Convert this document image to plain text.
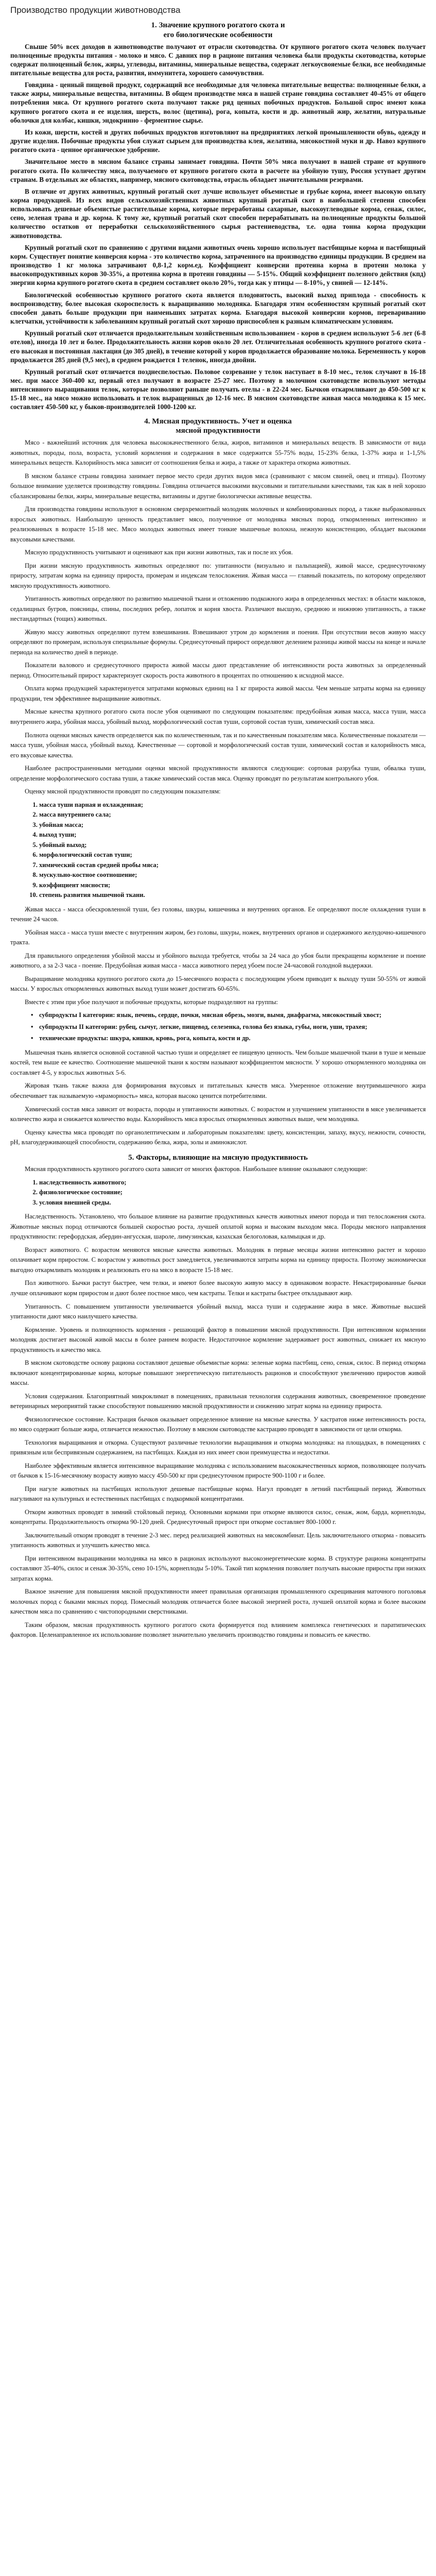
Производство продукции животноводства
1. Значение крупного рогатого скота и
его биологические особенности

Свыше 50% всех доходов в животноводстве получают от отрасли скотоводства. От крупного рогатого скота человек получает полноценные продукты питания - молоко и мясо. С давних пор в рационе питания человека были продукты скотоводства, которые содержат полноценный белок, жиры, углеводы, витамины, минеральные вещества, содержат легкоусвояемые белки, все необходимые питательные вещества для роста, развития, иммунитета, хорошего самочувствия.

Говядина - ценный пищевой продукт, содержащий все необходимые для человека питательные вещества: полноценные белки, а также жиры, минеральные вещества, витамины. В общем производстве мяса в нашей стране говядина составляет 40-45% от общего потребления мяса. От крупного рогатого скота получают также ряд ценных побочных продуктов. Большой спрос имеют кожа крупного рогатого скота и ее изделия, шерсть, волос (щетина), рога, копыта, кости и др. животный жир, желатин, натуральные оболочки для колбас, кишки, эндокринно - ферментное сырье.

Из кожи, шерсти, костей и других побочных продуктов изготовляют на предприятиях легкой промышленности обувь, одежду и другие изделия. Побочные продукты убоя служат сырьем для производства клея, желатина, мясокостной муки и др. Навоз крупного рогатого скота - ценное органическое удобрение.

Значительное место в мясном балансе страны занимает говядина. Почти 50% мяса получают в нашей стране от крупного рогатого скота. По количеству мяса, получаемого от крупного рогатого скота в расчете на убойную тушу, Россия уступает другим странам. В отдельных же областях, например, мясного скотоводства, отрасль обладает значительными резервами.

В отличие от других животных, крупный рогатый скот лучше использует объемистые и грубые корма, имеет высокую оплату корма продукцией. Из всех видов сельскохозяйственных животных крупный рогатый скот в наибольшей степени способен использовать дешевые объемистые растительные корма, которые переработаны сахарные, высокоуглеводные корма, сенаж, силос, сено, зеленая трава и др. корма. К тому же, крупный рогатый скот способен перерабатывать на полноценные продукты большой количество остатков от переработки сельскохозяйственного сырья растениеводства, т.е. одна тонна корма продукции животноводства.

Крупный рогатый скот по сравнению с другими видами животных очень хорошо использует пастбищные корма и пастбищный корм. Существует понятие конверсия корма - это количество корма, затраченного на производство единицы продукции. В среднем на производство 1 кг молока затрачивают 0,8-1,2 корм.ед. Коэффициент конверсии протеина корма в протеин молока у высокопродуктивных коров 30-35%, а протеина корма в протеин говядины — 5-15%. Общий коэффициент полезного действия (кпд) энергии корма крупного рогатого скота в среднем составляет около 20%, тогда как у птицы — 8-10%, у свиней — 12-14%.

Биологической особенностью крупного рогатого скота является плодовитость, высокий выход приплода - способность к воспроизводству, более высокая скороспелость к выращиванию молодняка. Благодаря этим особенностям крупный рогатый скот способен давать больше продукции при наименьших затратах корма. Благодаря высокой конверсии кормов, перевариванию клетчатки, устойчивости к заболеваниям крупный рогатый скот хорошо приспособлен к разным климатическим условиям.

Крупный рогатый скот отличается продолжительным хозяйственным использованием - коров в среднем используют 5-6 лет (6-8 отелов), иногда 10 лет и более. Продолжительность жизни коров около 20 лет. Отличительная особенность крупного рогатого скота - его высокая и постоянная лактация (до 305 дней), в течение которой у коров продолжается образование молока. Беременность у коров продолжается 285 дней (9,5 мес), в среднем рождается 1 теленок, иногда двойни.

Крупный рогатый скот отличается позднеспелостью. Половое созревание у телок наступает в 8-10 мес., телок случают в 16-18 мес. при массе 360-400 кг, первый отел получают в возрасте 25-27 мес. Поэтому в молочном скотоводстве используют методы интенсивного выращивания телок, которые позволяют раньше получать отелы - в 22-24 мес. Бычков откармливают до 450-500 кг к 15-18 мес., на мясо можно использовать и телок выращенных до 12-16 мес. В мясном скотоводстве живая масса молодняка к 15 мес. составляет 450-500 кг, у быков-производителей 1000-1200 кг.

4. Мясная продуктивность. Учет и оценка
мясной продуктивности

Мясо - важнейший источник для человека высококачественного белка, жиров, витаминов и минеральных веществ. В зависимости от вида животных, породы, пола, возраста, условий кормления и содержания в мясе содержится 55-75% воды, 15-23% белка, 1-37% жира и 1-1,5% минеральных веществ. Калорийность мяса зависит от соотношения белка и жира, а также от характера откорма животных.

В мясном балансе страны говядина занимает первое место среди других видов мяса (сравнивают с мясом свиней, овец и птицы). Поэтому большое внимание уделяется производству говядины. Говядина отличается высокими вкусовыми и питательными качествами, так как в ней хорошо сбалансированы белки, жиры, минеральные вещества, витамины и другие биологически активные вещества.

Для производства говядины используют в основном сверхремонтный молодняк молочных и комбинированных пород, а также выбракованных взрослых животных. Наибольшую ценность представляет мясо, полученное от молодняка мясных пород, откормленных интенсивно и реализованных в возрасте 15-18 мес. Мясо молодых животных имеет тонкие мышечные волокна, нежную консистенцию, обладает высокими вкусовыми качествами.

Мясную продуктивность учитывают и оценивают как при жизни животных, так и после их убоя.

При жизни мясную продуктивность животных определяют по: упитанности (визуально и пальпацией), живой массе, среднесуточному приросту, затратам корма на единицу прироста, промерам и индексам телосложения. Живая масса — главный показатель, по которому определяют мясную продуктивность животного.

Упитанность животных определяют по развитию мышечной ткани и отложению подкожного жира в определенных местах: в области маклоков, седалищных бугров, поясницы, спины, последних ребер, лопаток и корня хвоста. Различают высшую, среднюю и нижнюю упитанность, а также нестандартных (тощих) животных.

Живую массу животных определяют путем взвешивания. Взвешивают утром до кормления и поения. При отсутствии весов живую массу определяют по промерам, используя специальные формулы. Среднесуточный прирост определяют делением разницы живой массы на конце и начале периода на количество дней в периоде.

Показатели валового и среднесуточного прироста живой массы дают представление об интенсивности роста животных за определенный период. Относительный прирост характеризует скорость роста животного в процентах по отношению к исходной массе.

Оплата корма продукцией характеризуется затратами кормовых единиц на 1 кг прироста живой массы. Чем меньше затраты корма на единицу продукции, тем эффективнее выращивание животных.

Мясные качества крупного рогатого скота после убоя оценивают по следующим показателям: предубойная живая масса, масса туши, масса внутреннего жира, убойная масса, убойный выход, морфологический состав туши, сортовой состав туши, химический состав мяса.

Полнота оценки мясных качеств определяется как по количественным, так и по качественным показателям мяса. Количественные показатели — масса туши, убойная масса, убойный выход. Качественные — сортовой и морфологический состав туши, химический состав и калорийность мяса, его вкусовые качества.

Наиболее распространенными методами оценки мясной продуктивности являются следующие: сортовая разрубка туши, обвалка туши, определение морфологического состава туши, а также химический состав мяса. Оценку проводят по результатам контрольного убоя.

Оценку мясной продуктивности проводят по следующим показателям:

1. масса туши парная и охлажденная;
2. масса внутреннего сала;
3. убойная масса;
4. выход туши;
5. убойный выход;
6. морфологический состав туши;
7. химический состав средней пробы мяса;
8. мускульно-костное соотношение;
9. коэффициент мясности;
10. степень развития мышечной ткани.

Живая масса - масса обескровленной туши, без головы, шкуры, кишечника и внутренних органов. Ее определяют после охлаждения туши в течение 24 часов.

Убойная масса - масса туши вместе с внутренним жиром, без головы, шкуры, ножек, внутренних органов и содержимого желудочно-кишечного тракта.

Для правильного определения убойной массы и убойного выхода требуется, чтобы за 24 часа до убоя были прекращены кормление и поение животного, а за 2-3 часа - поение. Предубойная живая масса - масса животного перед убоем после 24-часовой голодной выдержки.

Выращивание молодняка крупного рогатого скота до 15-месячного возраста с последующим убоем приводит к выходу туши 50-55% от живой массы. У взрослых откормленных животных выход туши может достигать 60-65%.

Вместе с этим при убое получают и побочные продукты, которые подразделяют на группы:

• субпродукты I категории: язык, печень, сердце, почки, мясная обрезь, мозги, вымя, диафрагма, мясокостный хвост;
• субпродукты II категории: рубец, сычуг, легкие, пищевод, селезенка, голова без языка, губы, ноги, уши, трахея;
• технические продукты: шкура, кишки, кровь, рога, копыта, кости и др.

Мышечная ткань является основной составной частью туши и определяет ее пищевую ценность. Чем больше мышечной ткани в туше и меньше костей, тем выше ее качество. Соотношение мышечной ткани к костям называют коэффициентом мясности. У хорошо откормленного молодняка он составляет 4-5, у взрослых животных 5-6.

Жировая ткань также важна для формирования вкусовых и питательных качеств мяса. Умеренное отложение внутримышечного жира обеспечивает так называемую «мраморность» мяса, которая высоко ценится потребителями.

Химический состав мяса зависит от возраста, породы и упитанности животных. С возрастом и улучшением упитанности в мясе увеличивается количество жира и снижается количество воды. Калорийность мяса взрослых откормленных животных выше, чем молодняка.

Оценку качества мяса проводят по органолептическим и лабораторным показателям: цвету, консистенции, запаху, вкусу, нежности, сочности, pH, влагоудерживающей способности, содержанию белка, жира, золы и аминокислот.

5. Факторы, влияющие на мясную продуктивность

Мясная продуктивность крупного рогатого скота зависит от многих факторов. Наибольшее влияние оказывают следующие:

1. наследственность животного;
2. физиологическое состояние;
3. условия внешней среды.

Наследственность. Установлено, что большое влияние на развитие продуктивных качеств животных имеют порода и тип телосложения скота. Животные мясных пород отличаются большей скоростью роста, лучшей оплатой корма и высоким выходом мяса. Породы мясного направления продуктивности: герефордская, абердин-ангусская, шароле, лимузинская, казахская белоголовая, калмыцкая и др.

Возраст животного. С возрастом меняются мясные качества животных. Молодняк в первые месяцы жизни интенсивно растет и хорошо оплачивает корм приростом. С возрастом у животных рост замедляется, увеличиваются затраты корма на единицу прироста. Поэтому экономически выгодно откармливать молодняк и реализовать его на мясо в возрасте 15-18 мес.

Пол животного. Бычки растут быстрее, чем телки, и имеют более высокую живую массу в одинаковом возрасте. Некастрированные бычки лучше оплачивают корм приростом и дают более постное мясо, чем кастраты. Телки и кастраты быстрее откладывают жир.

Упитанность. С повышением упитанности увеличивается убойный выход, масса туши и содержание жира в мясе. Животные высшей упитанности дают мясо наилучшего качества.

Кормление. Уровень и полноценность кормления - решающий фактор в повышении мясной продуктивности. При интенсивном кормлении молодняк достигает высокой живой массы в более раннем возрасте. Недостаточное кормление задерживает рост животных, снижает их мясную продуктивность и качество мяса.

В мясном скотоводстве основу рациона составляют дешевые объемистые корма: зеленые корма пастбищ, сено, сенаж, силос. В период откорма включают концентрированные корма, которые повышают энергетическую питательность рационов и способствуют увеличению приростов живой массы.

Условия содержания. Благоприятный микроклимат в помещениях, правильная технология содержания животных, своевременное проведение ветеринарных мероприятий также способствуют повышению мясной продуктивности и снижению затрат корма на единицу прироста.

Физиологическое состояние. Кастрация бычков оказывает определенное влияние на мясные качества. У кастратов ниже интенсивность роста, но мясо содержит больше жира, отличается нежностью. Поэтому в мясном скотоводстве кастрацию проводят в зависимости от цели откорма.

Технология выращивания и откорма. Существуют различные технологии выращивания и откорма молодняка: на площадках, в помещениях с привязным или беспривязным содержанием, на пастбищах. Каждая из них имеет свои преимущества и недостатки.

Наиболее эффективным является интенсивное выращивание молодняка с использованием высококачественных кормов, позволяющее получать от бычков к 15-16-месячному возрасту живую массу 450-500 кг при среднесуточном приросте 900-1100 г и более.

При нагуле животных на пастбищах используют дешевые пастбищные корма. Нагул проводят в летний пастбищный период. Животных нагуливают на культурных и естественных пастбищах с подкормкой концентратами.

Откорм животных проводят в зимний стойловый период. Основными кормами при откорме являются силос, сенаж, жом, барда, корнеплоды, концентраты. Продолжительность откорма 90-120 дней. Среднесуточный прирост при откорме составляет 800-1000 г.

Заключительный откорм проводят в течение 2-3 мес. перед реализацией животных на мясокомбинат. Цель заключительного откорма - повысить упитанность животных и улучшить качество мяса.

При интенсивном выращивании молодняка на мясо в рационах используют высокоэнергетические корма. В структуре рациона концентраты составляют 35-40%, силос и сенаж 30-35%, сено 10-15%, корнеплоды 5-10%. Такой тип кормления позволяет получать высокие приросты при низких затратах корма.

Важное значение для повышения мясной продуктивности имеет правильная организация промышленного скрещивания маточного поголовья молочных пород с быками мясных пород. Помесный молодняк отличается более высокой энергией роста, лучшей оплатой корма и более высоким качеством мяса по сравнению с чистопородными сверстниками.

Таким образом, мясная продуктивность крупного рогатого скота формируется под влиянием комплекса генетических и паратипических факторов. Целенаправленное их использование позволяет значительно увеличить производство говядины и повысить ее качество.
